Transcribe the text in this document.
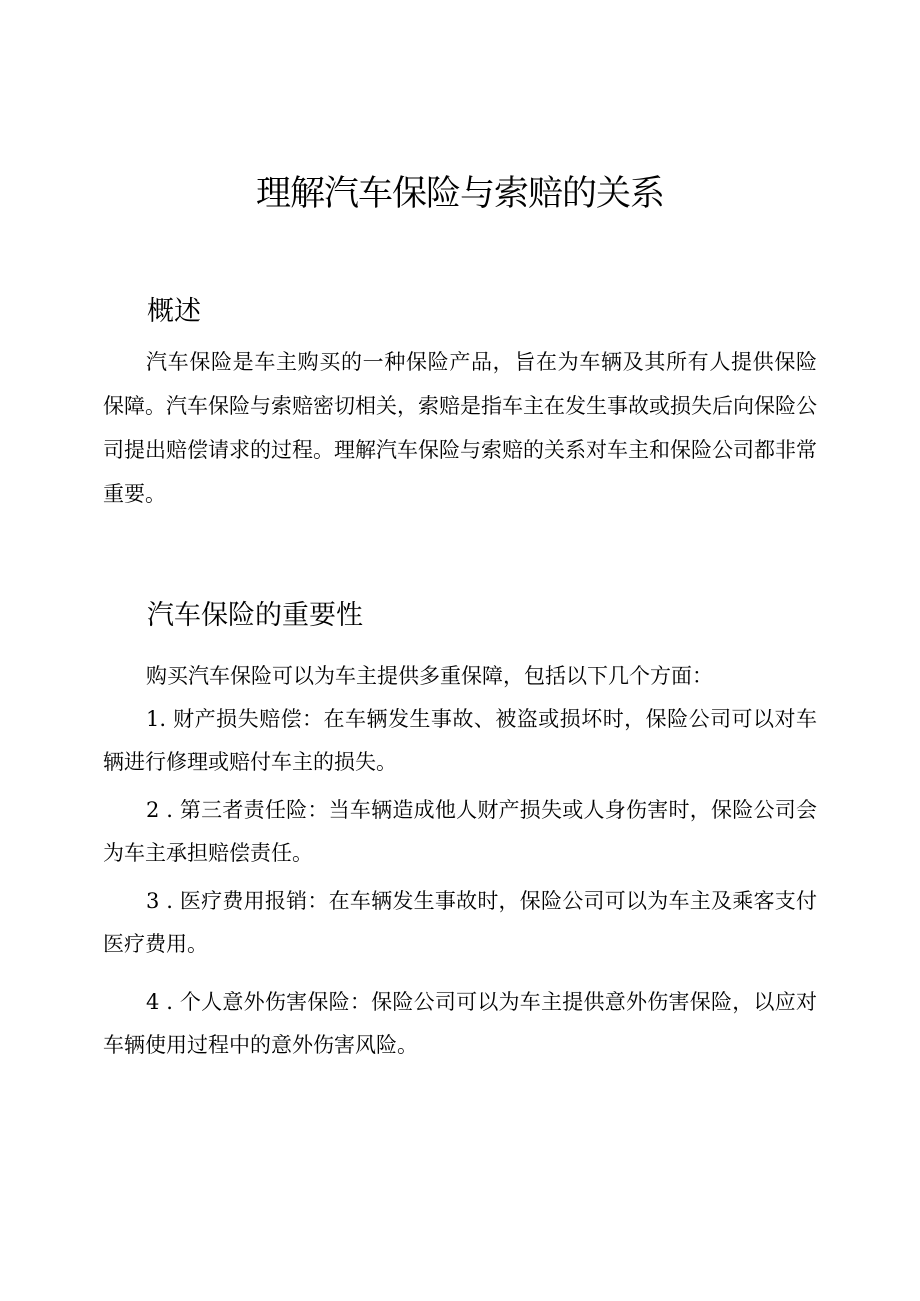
理解汽车保险与索赔的关系
概述

汽车保险是车主购买的一种保险产品，旨在为车辆及其所有人提供保险保障。汽车保险与索赔密切相关，索赔是指车主在发生事故或损失后向保险公司提出赔偿请求的过程。理解汽车保险与索赔的关系对车主和保险公司都非常重要。

汽车保险的重要性

购买汽车保险可以为车主提供多重保障，包括以下几个方面：

1. 财产损失赔偿：在车辆发生事故、被盗或损坏时，保险公司可以对车辆进行修理或赔付车主的损失。

2 . 第三者责任险：当车辆造成他人财产损失或人身伤害时，保险公司会为车主承担赔偿责任。

3 . 医疗费用报销：在车辆发生事故时，保险公司可以为车主及乘客支付医疗费用。

4 . 个人意外伤害保险：保险公司可以为车主提供意外伤害保险，以应对车辆使用过程中的意外伤害风险。
